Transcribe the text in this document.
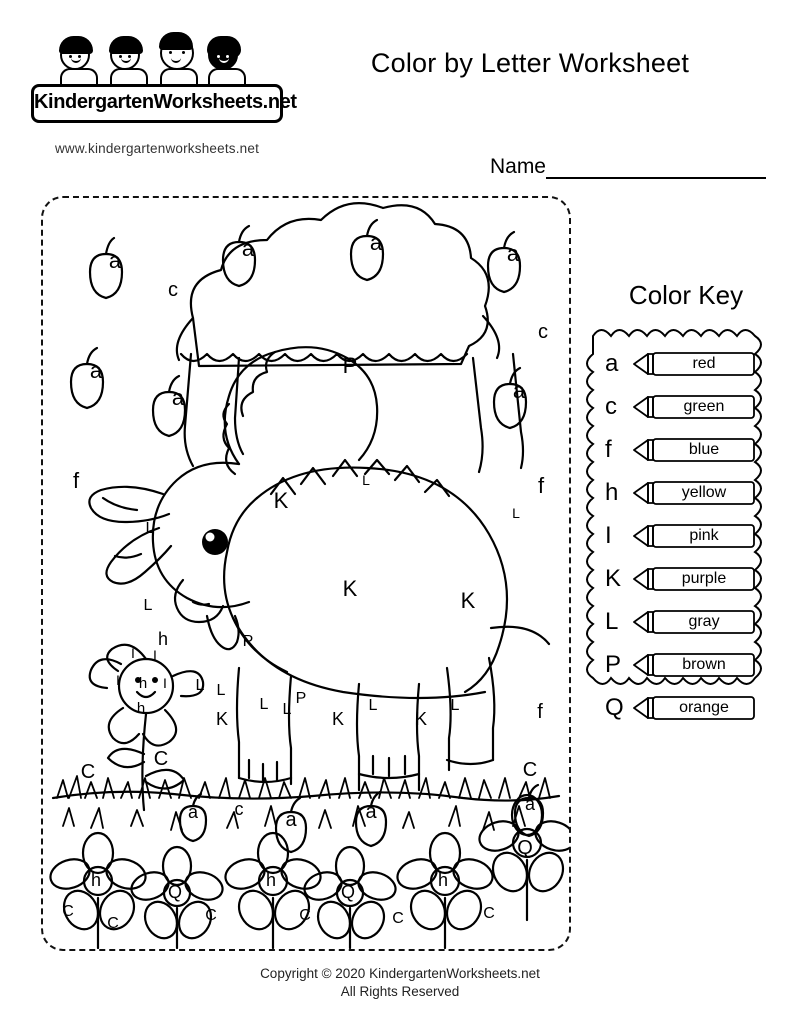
KindergartenWorksheets.net
www.kindergartenworksheets.net
Color by Letter Worksheet
Name
a	a	a	a
a
a	a
c
c
P
f	f
K
L
L
L
K	K
L
h	P
L L
K
L L
P
K
L
K
L
I I
h
I	I
h	f
C
C
a c a	a
C
a
Q
h
Q
h
Q
h
C
C	C	C	C	C
Color Key
a	red
c	green
f	blue
h	yellow
I	pink
K	purple
L	gray
P	brown
Q	orange
Copyright © 2020 KindergartenWorksheets.net
All Rights Reserved
